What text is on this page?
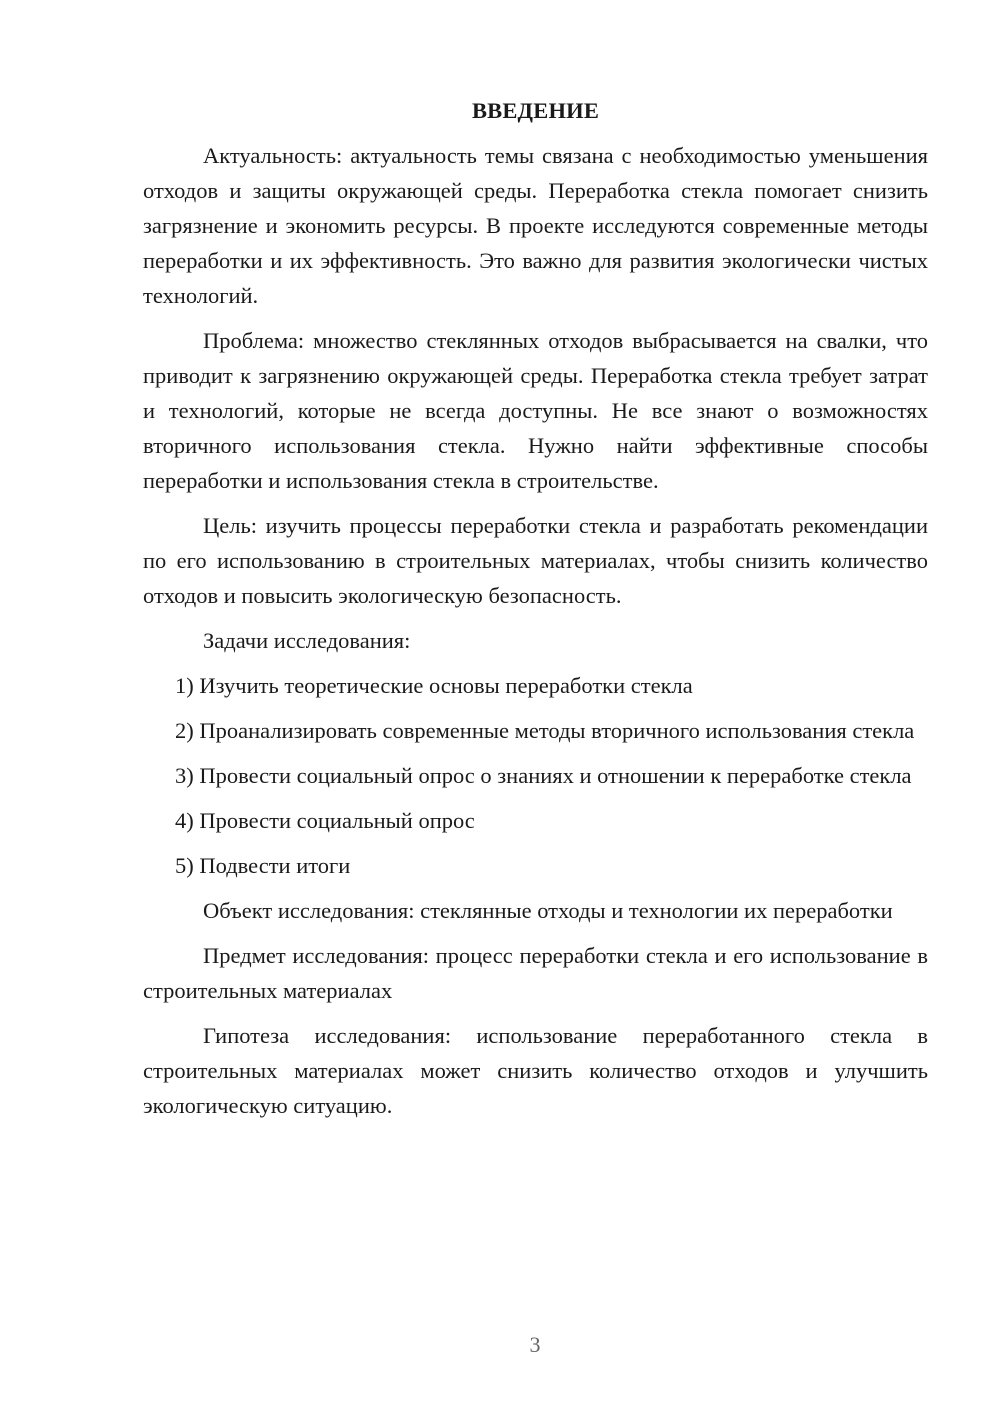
ВВЕДЕНИЕ

Актуальность: актуальность темы связана с необходимостью уменьшения отходов и защиты окружающей среды. Переработка стекла помогает снизить загрязнение и экономить ресурсы. В проекте исследуются современные методы переработки и их эффективность. Это важно для развития экологически чистых технологий.

Проблема: множество стеклянных отходов выбрасывается на свалки, что приводит к загрязнению окружающей среды. Переработка стекла требует затрат и технологий, которые не всегда доступны. Не все знают о возможностях вторичного использования стекла. Нужно найти эффективные способы переработки и использования стекла в строительстве.

Цель: изучить процессы переработки стекла и разработать рекомендации по его использованию в строительных материалах, чтобы снизить количество отходов и повысить экологическую безопасность.

Задачи исследования:

1) Изучить теоретические основы переработки стекла

2) Проанализировать современные методы вторичного использования стекла

3) Провести социальный опрос о знаниях и отношении к переработке стекла

4) Провести социальный опрос

5) Подвести итоги

Объект исследования: стеклянные отходы и технологии их переработки

Предмет исследования: процесс переработки стекла и его использование в строительных материалах

Гипотеза исследования: использование переработанного стекла в строительных материалах может снизить количество отходов и улучшить экологическую ситуацию.

3
